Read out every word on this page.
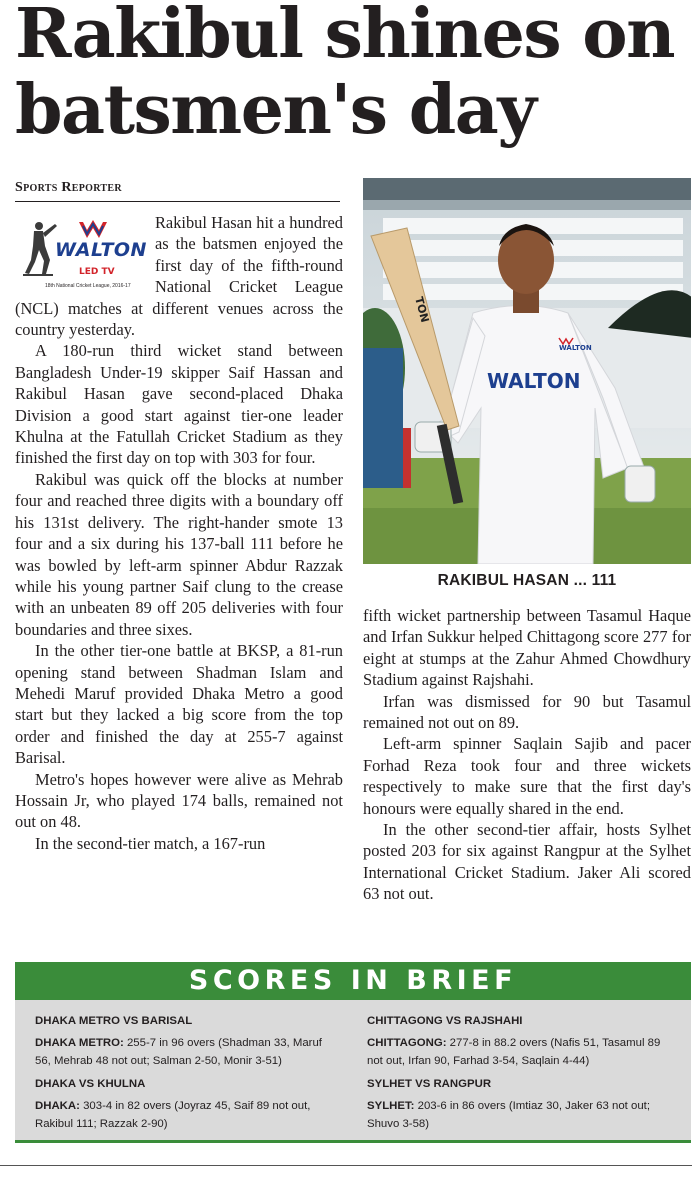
Rakibul shines on batsmen's day
Sports Reporter
WALTON
LED TV
18th National Cricket League, 2016-17

Rakibul Hasan hit a hundred as the batsmen enjoyed the first day of the fifth-round National Cricket League (NCL) matches at different venues across the country yesterday.

A 180-run third wicket stand between Bangladesh Under-19 skipper Saif Hassan and Rakibul Hasan gave second-placed Dhaka Division a good start against tier-one leader Khulna at the Fatullah Cricket Stadium as they finished the first day on top with 303 for four.

Rakibul was quick off the blocks at number four and reached three digits with a boundary off his 131st delivery. The right-hander smote 13 four and a six during his 137-ball 111 before he was bowled by left-arm spinner Abdur Razzak while his young partner Saif clung to the crease with an unbeaten 89 off 205 deliveries with four boundaries and three sixes.

In the other tier-one battle at BKSP, a 81-run opening stand between Shadman Islam and Mehedi Maruf provided Dhaka Metro a good start but they lacked a big score from the top order and finished the day at 255-7 against Barisal.

Metro's hopes however were alive as Mehrab Hossain Jr, who played 174 balls, remained not out on 48.

In the second-tier match, a 167-run

TON
WALTON
WALTON
RAKIBUL HASAN ... 111

fifth wicket partnership between Tasamul Haque and Irfan Sukkur helped Chittagong score 277 for eight at stumps at the Zahur Ahmed Chowdhury Stadium against Rajshahi.

Irfan was dismissed for 90 but Tasamul remained not out on 89.

Left-arm spinner Saqlain Sajib and pacer Forhad Reza took four and three wickets respectively to make sure that the first day's honours were equally shared in the end.

In the other second-tier affair, hosts Sylhet posted 203 for six against Rangpur at the Sylhet International Cricket Stadium. Jaker Ali scored 63 not out.

SCORES IN BRIEF
DHAKA METRO VS BARISAL
DHAKA METRO: 255-7 in 96 overs (Shadman 33, Maruf 56, Mehrab 48 not out; Salman 2-50, Monir 3-51)
DHAKA VS KHULNA
DHAKA: 303-4 in 82 overs (Joyraz 45, Saif 89 not out, Rakibul 111; Razzak 2-90)
CHITTAGONG VS RAJSHAHI
CHITTAGONG: 277-8 in 88.2 overs (Nafis 51, Tasamul 89 not out, Irfan 90, Farhad 3-54, Saqlain 4-44)
SYLHET VS RANGPUR
SYLHET: 203-6 in 86 overs (Imtiaz 30, Jaker 63 not out; Shuvo 3-58)
